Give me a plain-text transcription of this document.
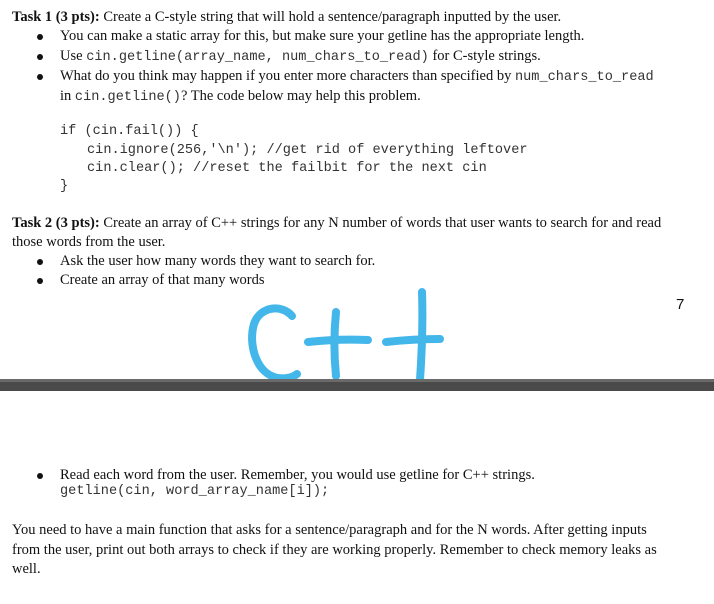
Task 1 (3 pts): Create a C-style string that will hold a sentence/paragraph inputted by the user.
You can make a static array for this, but make sure your getline has the appropriate length.
Use cin.getline(array_name, num_chars_to_read) for C-style strings.
What do you think may happen if you enter more characters than specified by num_chars_to_read
in cin.getline()? The code below may help this problem.
if (cin.fail()) {
cin.ignore(256,'\n'); //get rid of everything leftover
cin.clear(); //reset the failbit for the next cin
}
Task 2 (3 pts): Create an array of C++ strings for any N number of words that user wants to search for and read
those words from the user.
Ask the user how many words they want to search for.
Create an array of that many words
7
Read each word from the user. Remember, you would use getline for C++ strings.
getline(cin, word_array_name[i]);
You need to have a main function that asks for a sentence/paragraph and for the N words. After getting inputs
from the user, print out both arrays to check if they are working properly. Remember to check memory leaks as
well.
